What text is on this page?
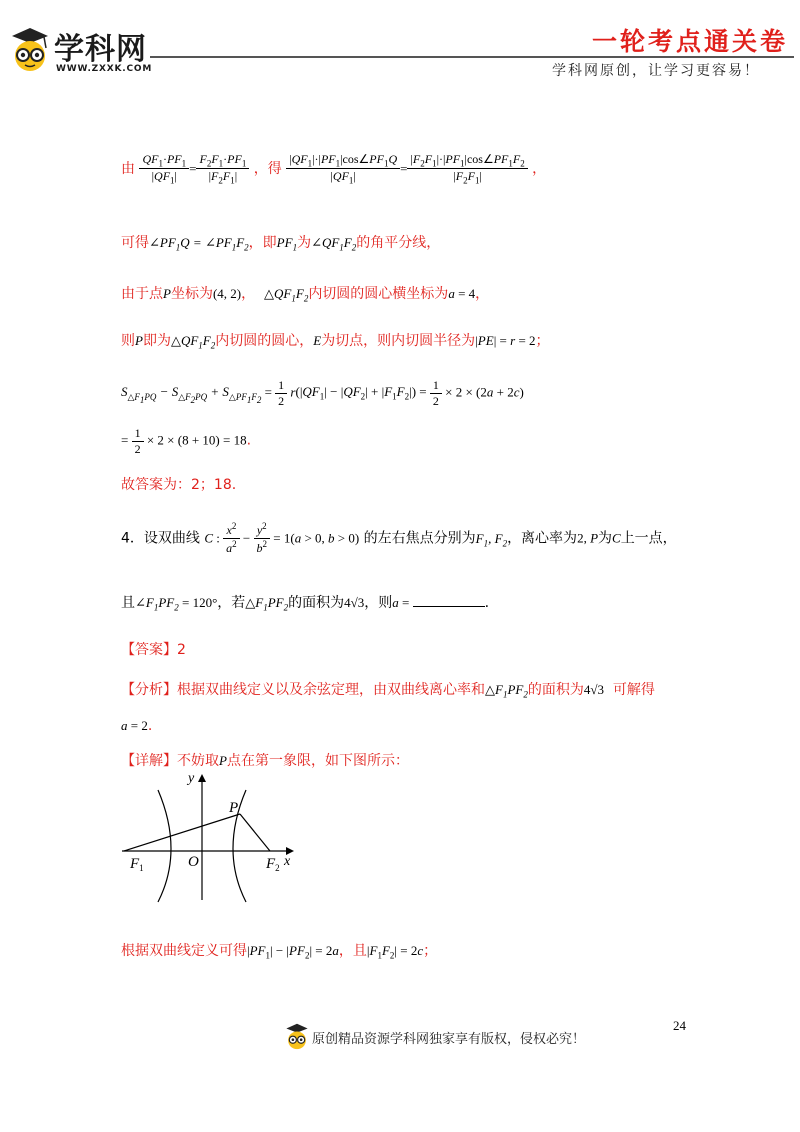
学科网
WWW.ZXXK.COM
一轮考点通关卷
学科网原创，让学习更容易！
由 $\frac{QF_1\cdot PF_1}{|QF_1|} = \frac{F_2F_1\cdot PF_1}{|F_2F_1|}$ ，得 $\frac{|QF_1|\cdot|PF_1|\cos\angle PF_1Q}{|QF_1|} = \frac{|F_2F_1|\cdot|PF_1|\cos\angle PF_1F_2}{|F_2F_1|}$ ，
可得$\angle PF_1Q$ = $\angle PF_1F_2$，即$PF_1$为$\angle QF_1F_2$的角平分线，
由于点P坐标为(4, 2)， $\triangle QF_1F_2$内切圆的圆心横坐标为a = 4，
则P即为$\triangle QF_1F_2$内切圆的圆心，E为切点，则内切圆半径为|PE| = r = 2；
$S_{\triangle F_1PQ} - S_{\triangle F_2PQ} + S_{\triangle PF_1F_2} = \frac{1}{2} r(|QF_1| - |QF_2| + |F_1F_2|) = \frac{1}{2} \times 2 \times (2a + 2c)$
= $\frac{1}{2} \times 2 \times (8 + 10) = 18$.
故答案为：2；18.
4．设双曲线 C : $\frac{x^2}{a^2} - \frac{y^2}{b^2} = 1(a > 0$, b > 0) 的左右焦点分别为$F_1$, $F_2$，离心率为2, P为C上一点，
且$\angle F_1PF_2 = 120^\circ$，若$\triangle F_1PF_2$的面积为4√3，则a =	.
【答案】2
【分析】根据双曲线定义以及余弦定理，由双曲线离心率和$\triangle F_1PF_2$的面积为4√3 可解得
a = 2.
【详解】不妨取P点在第一象限，如下图所示：
y
x
P
O
$F_1$	$F_2$
根据双曲线定义可得$|PF_1| - |PF_2| = 2a$，且$|F_1F_2| = 2c$；
24
原创精品资源学科网独家享有版权，侵权必究！
